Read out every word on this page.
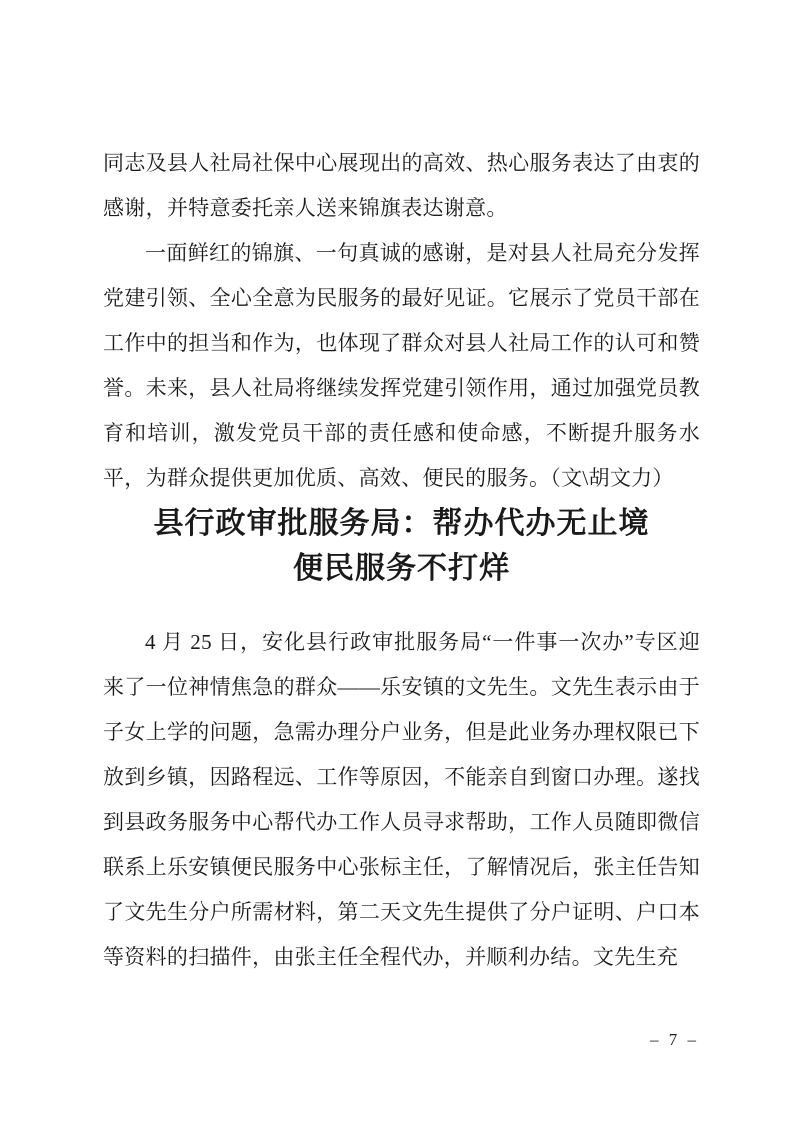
同志及县人社局社保中心展现出的高效、热心服务表达了由衷的感谢，并特意委托亲人送来锦旗表达谢意。

一面鲜红的锦旗、一句真诚的感谢，是对县人社局充分发挥党建引领、全心全意为民服务的最好见证。它展示了党员干部在工作中的担当和作为，也体现了群众对县人社局工作的认可和赞誉。未来，县人社局将继续发挥党建引领作用，通过加强党员教育和培训，激发党员干部的责任感和使命感，不断提升服务水平，为群众提供更加优质、高效、便民的服务。（文\胡文力）

县行政审批服务局：帮办代办无止境
便民服务不打烊

4 月 25 日，安化县行政审批服务局“一件事一次办”专区迎来了一位神情焦急的群众——乐安镇的文先生。文先生表示由于子女上学的问题，急需办理分户业务，但是此业务办理权限已下放到乡镇，因路程远、工作等原因，不能亲自到窗口办理。遂找到县政务服务中心帮代办工作人员寻求帮助，工作人员随即微信联系上乐安镇便民服务中心张标主任，了解情况后，张主任告知了文先生分户所需材料，第二天文先生提供了分户证明、户口本等资料的扫描件，由张主任全程代办，并顺利办结。文先生充

– 7 –
